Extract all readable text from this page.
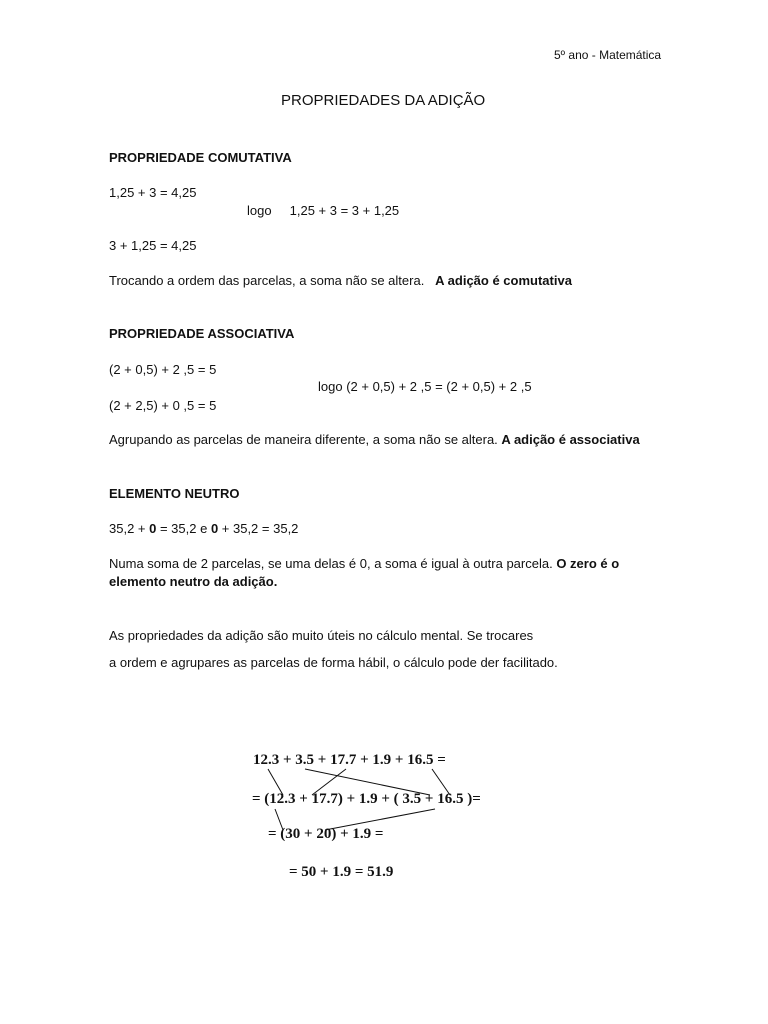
5º ano - Matemática
PROPRIEDADES DA ADIÇÃO
PROPRIEDADE COMUTATIVA
1,25 + 3 = 4,25
logo     1,25 + 3 = 3 + 1,25
3 + 1,25 = 4,25
Trocando a ordem das parcelas, a soma não se altera. A adição é comutativa
PROPRIEDADE ASSOCIATIVA
(2 + 0,5) + 2 ,5 = 5
logo (2 + 0,5) + 2 ,5 = (2 + 0,5) + 2 ,5
(2 + 2,5) + 0 ,5 = 5
Agrupando as parcelas de maneira diferente, a soma não se altera. A adição é associativa
ELEMENTO NEUTRO
35,2 + 0 = 35,2 e 0 + 35,2 = 35,2
Numa soma de 2 parcelas, se uma delas é 0, a soma é igual à outra parcela. O zero é o
elemento neutro da adição.
As propriedades da adição são muito úteis no cálculo mental. Se trocares
a ordem e agrupares as parcelas de forma hábil, o cálculo pode der facilitado.
12.3 + 3.5 + 17.7 + 1.9 + 16.5 =
= (12.3 + 17.7) + 1.9 + ( 3.5 + 16.5 )=
= (30 + 20) + 1.9 =
= 50 + 1.9 = 51.9
